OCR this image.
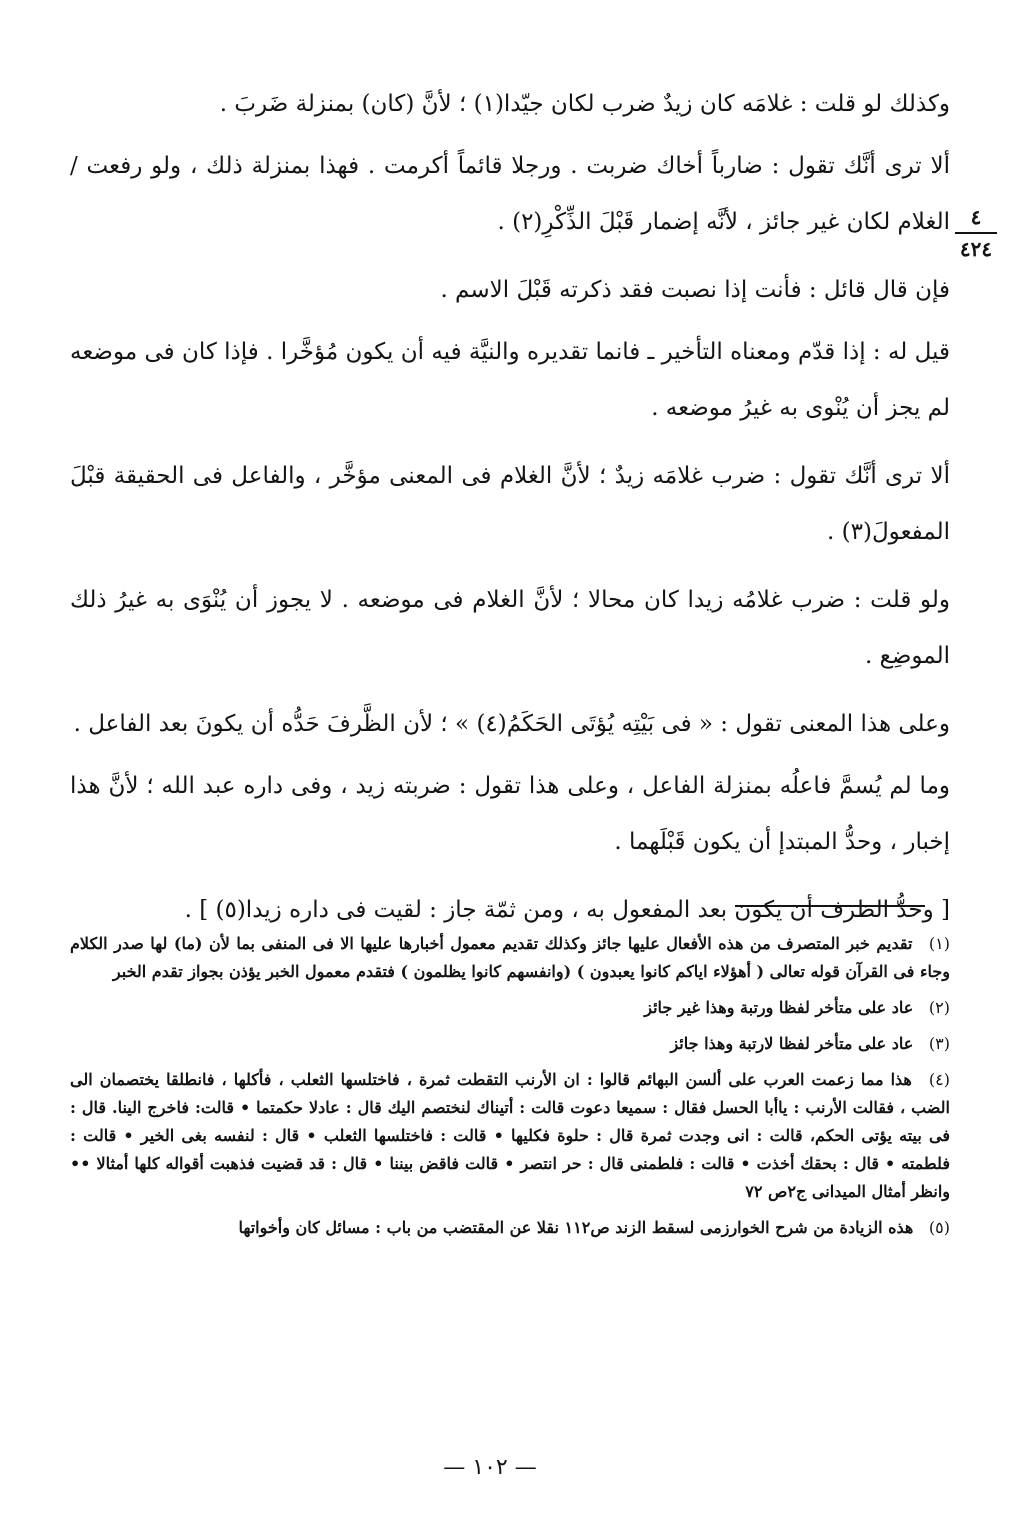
وكذلك لو قلت : غلامَه كان زيدٌ ضرب لكان جيّدا(١) ؛ لأنَّ (كان) بمنزلة ضَربَ .

ألا ترى أنَّك تقول : ضارباً أخاك ضربت . ورجلا قائماً أكرمت . فهذا بمنزلة ذلك ، ولو رفعت / الغلام لكان غير جائز ، لأنَّه إضمار قَبْلَ الذِّكْرِ(٢) .

فإن قال قائل : فأنت إذا نصبت فقد ذكرته قَبْلَ الاسم .

قيل له : إذا قدّم ومعناه التأخير ـ فانما تقديره والنيَّة فيه أن يكون مُؤخَّرا . فإذا كان فى موضعه لم يجز أن يُنْوى به غيرُ موضعه .

ألا ترى أنَّك تقول : ضرب غلامَه زيدٌ ؛ لأنَّ الغلام فى المعنى مؤخَّر ، والفاعل فى الحقيقة قبْلَ المفعولَ(٣) .

ولو قلت : ضرب غلامُه زيدا كان محالا ؛ لأنَّ الغلام فى موضعه . لا يجوز أن يُنْوَى به غيرُ ذلك الموضِع .

وعلى هذا المعنى تقول : « فى بَيْتِه يُؤتَى الحَكَمُ(٤) » ؛ لأن الظَّرفَ حَدُّه أن يكونَ بعد الفاعل .

وما لم يُسمَّ فاعلُه بمنزلة الفاعل ، وعلى هذا تقول : ضربته زيد ، وفى داره عبد الله ؛ لأنَّ هذا إخبار ، وحدُّ المبتدإ أن يكون قَبْلَهما .

[ وحدُّ الظرف أن يكون بعد المفعول به ، ومن ثمّة جاز : لقيت فى داره زيدا(٥) ] .

٤
٤٢٤

(١) تقديم خبر المتصرف من هذه الأفعال عليها جائز وكذلك تقديم معمول أخبارها عليها الا فى المنفى بما لأن (ما) لها صدر الكلام وجاء فى القرآن قوله تعالى ( أهؤلاء اياكم كانوا يعبدون ) (وانفسهم كانوا يظلمون ) فتقدم معمول الخبر يؤذن بجواز تقدم الخبر

(٢) عاد على متأخر لفظا ورتبة وهذا غير جائز

(٣) عاد على متأخر لفظا لارتبة وهذا جائز

(٤) هذا مما زعمت العرب على ألسن البهائم قالوا : ان الأرنب التقطت ثمرة ، فاختلسها الثعلب ، فأكلها ، فانطلقا يختصمان الى الضب ، فقالت الأرنب : ياأبا الحسل فقال : سميعا دعوت قالت : أتيناك لنختصم اليك قال : عادلا حكمتما • قالت: فاخرج الينا. قال : فى بيته يؤتى الحكم، قالت : انى وجدت ثمرة قال : حلوة فكليها • قالت : فاختلسها الثعلب • قال : لنفسه بغى الخير • قالت : فلطمته • قال : بحقك أخذت • قالت : فلطمنى قال : حر انتصر • قالت فاقض بيننا • قال : قد قضيت فذهبت أقواله كلها أمثالا •• وانظر أمثال الميدانى ج٢ص ٧٢

(٥) هذه الزيادة من شرح الخوارزمى لسقط الزند ص١١٢ نقلا عن المقتضب من باب : مسائل كان وأخواتها

— ١٠٢ —
